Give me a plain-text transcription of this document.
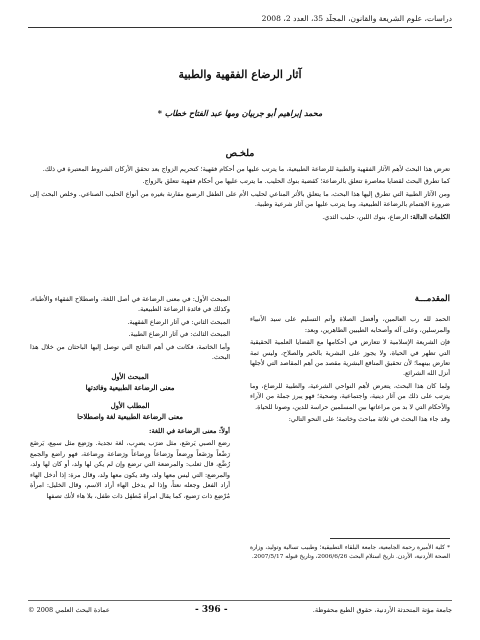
دراسات، علوم الشريعة والقانون، المجلّد 35، العدد 2، 2008
آثار الرضاع الفقهية والطبية
محمد إبراهيم أبو جربيان ومها عبد الفتاح خطاب *
ملخـص

تعرض هذا البحث لأهم الآثار الفقهية والطبية للرضاعة الطبيعية، ما يترتب عليها من أحكام فقهية؛ كتحريم الزواج بعد تحقق الأركان الشروط المعتبرة في ذلك.

كما تطرق البحث لقضايا معاصرة تتعلق بالرضاعة؛ كقضية بنوك الحليب. ما يترتب عليها من أحكام فقهية تتعلق بالزواج.

ومن الآثار الطبية التي تطرق إليها هذا البحث، ما يتعلق بالأثر المناعي لحليب الأم على الطفل الرضيع مقارنة بغيره من أنواع الحليب الصناعي. وخلص البحث إلى ضرورة الاهتمام بالرضاعة الطبيعية، وما يترتب عليها من آثار شرعية وطبية.

الكلمات الدالة: الرضاع، بنوك اللبن، حليب الثدي.

المقدمـــة

الحمد لله رب العالمين، وأفضل الصلاة وأتم التسليم على سيد الأنبياء والمرسلين، وعلى آله وأصحابه الطيبين الطاهرين، وبعد:

فإن الشريعة الإسلامية لا تتعارض في أحكامها مع القضايا العلمية الحقيقية التي تظهر في الحياة، ولا يجوز على البشرية بالخير والصلاح، وليس ثمة تعارض بينهما؛ لأن تحقيق المنافع البشرية مقصد من أهم المقاصد التي لأجلها أنزل الله الشرائع.

ولما كان هذا البحث، يتعرض لأهم النواحي الشرعية، والطبية للرضاع، وما يترتب على ذلك من آثار دينية، واجتماعية، وصحية؛ فهو يبرز جملة من الآراء والأحكام التي لا بد من مراعاتها بين المسلمين حراسة للدين، وصونا للحياة.

وقد جاء هذا البحث في ثلاثة مباحث وخاتمة؛ على النحو التالي:

المبحث الأول: في معنى الرضاعة في أصل اللغة، واصطلاح الفقهاء والأطباء، وكذلك في فائدة الرضاعة الطبيعية.

المبحث الثاني: في آثار الرضاع الفقهية.

المبحث الثالث: في آثار الرضاع الطبية.

وأما الخاتمة، فكانت في أهم النتائج التي توصل إليها الباحثان من خلال هذا البحث.

المبحث الأول
معنى الرضاعة الطبيعية وفائدتها
المطلب الأول
معنى الرضاعة الطبيعية لغة واصطلاحا
أولاً: معنى الرضاعة في اللغة:

رضع الصبي يَرضَع، مثل ضرَب يضرِب، لغة نجدية. ورَضِع مثل سمِع، يَرضَع رَضْعاً ورَضَعاً ورِضعاً ورَضاعاً ورِضاعاً ورَضاعة ورِضاعة، فهو راضع والجمع رُضَّع، قال ثعلب: والمرضعة التي ترضع وإن لم يكن لها ولد، أو كان لها ولد، والمرضع: التي ليس معها ولد، وقد يكون معها ولد، وقال مرة: إذا أدخل الهاء أراد الفعل وجعله نعتاً، وإذا لم يدخل الهاء أراد الاسم، وقال الخليل: امرأة مُرْضِع ذات رَضيع، كما يقال امرأة مُطفِل ذات طفل، بلا هاء لأنك تصفها

* كلية الأميرة رحمة الجامعية، جامعة البلقاء التطبيقية؛ وطبيب تسالية وتوليد، وزارة الصحة الأردنية، الأردن. تاريخ استلام البحث 2006/6/26، وتاريخ قبوله 2007/5/17.
جامعة مؤتة المتحدثة الأردنية، حقوق الطبع محفوظة.
- 396 -
© 2008 عمادة البحث العلمي
